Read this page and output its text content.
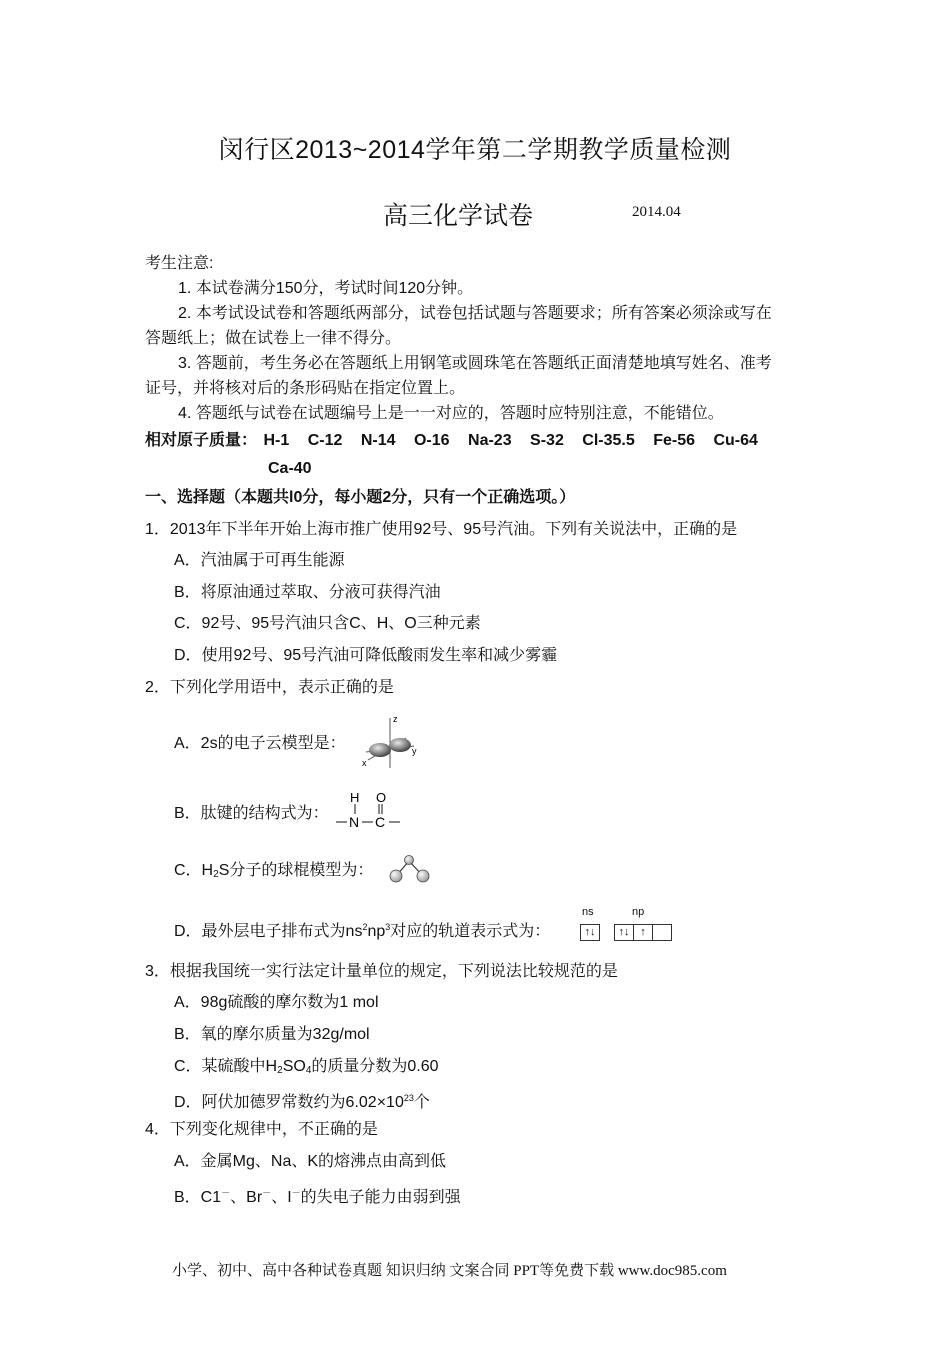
闵行区2013~2014学年第二学期教学质量检测
高三化学试卷	2014.04
考生注意:
1. 本试卷满分150分，考试时间120分钟。
2. 本考试设试卷和答题纸两部分，试卷包括试题与答题要求；所有答案必须涂或写在
答题纸上；做在试卷上一律不得分。
3. 答题前，考生务必在答题纸上用钢笔或圆珠笔在答题纸正面清楚地填写姓名、准考
证号，并将核对后的条形码贴在指定位置上。
4. 答题纸与试卷在试题编号上是一一对应的，答题时应特别注意，不能错位。
相对原子质量： H-1 C-12 N-14 O-16 Na-23 S-32 Cl-35.5 Fe-56 Cu-64
Ca-40
一、选择题（本题共l0分，每小题2分，只有一个正确选项。）
1．2013年下半年开始上海市推广使用92号、95号汽油。下列有关说法中，正确的是
A．汽油属于可再生能源
B．将原油通过萃取、分液可获得汽油
C．92号、95号汽油只含C、H、O三种元素
D．使用92号、95号汽油可降低酸雨发生率和减少雾霾
2．下列化学用语中，表示正确的是
A．2s的电子云模型是：
z
y
x
B．肽键的结构式为：
H O
N C
C．$H_2S$分子的球棍模型为：
D．最外层电子排布式为$ns^2np^3$对应的轨道表示式为：
ns	np
↑↓ ↑↓ ↑
3．根据我国统一实行法定计量单位的规定，下列说法比较规范的是
A．98g硫酸的摩尔数为1 mol
B．氧的摩尔质量为32g/mol
C．某硫酸中$H_2SO_4$的质量分数为0.60
D．阿伏加德罗常数约为$6.02\times 10^{23}$个
4．下列变化规律中，不正确的是
A．金属Mg、Na、K的熔沸点由高到低
B．C1－、Br－、I－的失电子能力由弱到强
小学、初中、高中各种试卷真题 知识归纳 文案合同 PPT等免费下载 www.doc985.com
